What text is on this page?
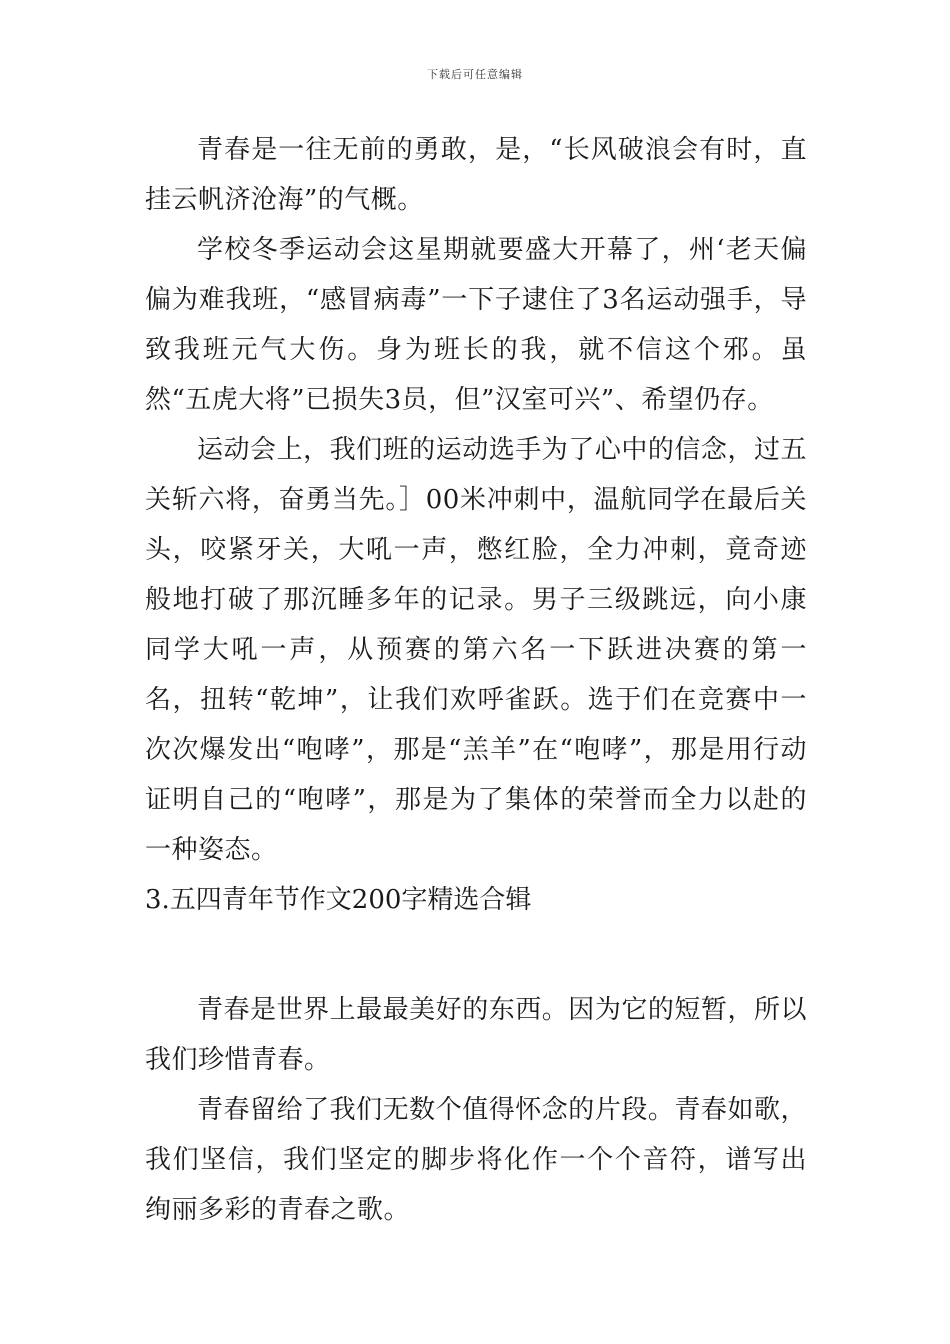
下载后可任意编辑

青春是一往无前的勇敢，是，“长风破浪会有时，直挂云帆济沧海”的气概。

学校冬季运动会这星期就要盛大开幕了，州‘老天偏偏为难我班，“感冒病毒”一下子逮住了3名运动强手，导致我班元气大伤。身为班长的我，就不信这个邪。虽然“五虎大将”已损失3员，但”汉室可兴”、希望仍存。

运动会上，我们班的运动选手为了心中的信念，过五关斩六将，奋勇当先。］00米冲刺中，温航同学在最后关头，咬紧牙关，大吼一声，憋红脸，全力冲刺，竟奇迹般地打破了那沉睡多年的记录。男子三级跳远，向小康同学大吼一声，从预赛的第六名一下跃进决赛的第一名，扭转“乾坤”，让我们欢呼雀跃。选于们在竞赛中一次次爆发出“咆哮”，那是“羔羊”在“咆哮”，那是用行动证明自己的“咆哮”，那是为了集体的荣誉而全力以赴的一种姿态。

3.五四青年节作文200字精选合辑

青春是世界上最最美好的东西。因为它的短暂，所以我们珍惜青春。

青春留给了我们无数个值得怀念的片段。青春如歌，我们坚信，我们坚定的脚步将化作一个个音符，谱写出绚丽多彩的青春之歌。
